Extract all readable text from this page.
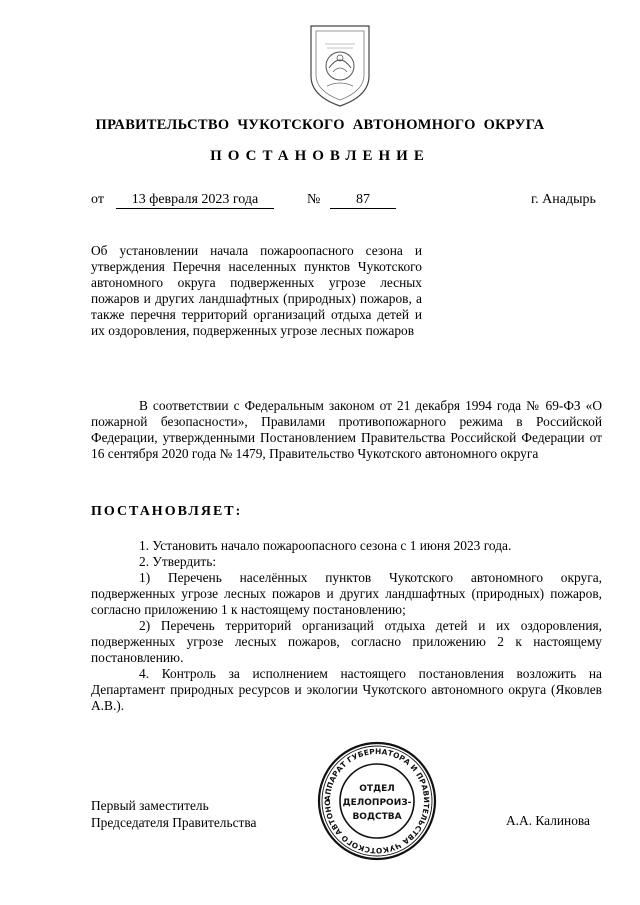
ПРАВИТЕЛЬСТВО ЧУКОТСКОГО АВТОНОМНОГО ОКРУГА
ПОСТАНОВЛЕНИЕ
от	13 февраля 2023 года	№	87	г. Анадырь
Об установлении начала пожароопасного сезона и утверждения Перечня населенных пунктов Чукотского автономного округа подверженных угрозе лесных пожаров и других ландшафтных (природных) пожаров, а также перечня территорий организаций отдыха детей и их оздоровления, подверженных угрозе лесных пожаров

В соответствии с Федеральным законом от 21 декабря 1994 года № 69-ФЗ «О пожарной безопасности», Правилами противопожарного режима в Российской Федерации, утвержденными Постановлением Правительства Российской Федерации от 16 сентября 2020 года № 1479, Правительство Чукотского автономного округа

ПОСТАНОВЛЯЕТ:

1. Установить начало пожароопасного сезона с 1 июня 2023 года.

2. Утвердить:

1) Перечень населённых пунктов Чукотского автономного округа, подверженных угрозе лесных пожаров и других ландшафтных (природных) пожаров, согласно приложению 1 к настоящему постановлению;

2) Перечень территорий организаций отдыха детей и их оздоровления, подверженных угрозе лесных пожаров, согласно приложению 2 к настоящему постановлению.

4. Контроль за исполнением настоящего постановления возложить на Департамент природных ресурсов и экологии Чукотского автономного округа (Яковлев А.В.).

Первый заместитель
Председателя Правительства	А.А. Калинова
АППАРАТ ГУБЕРНАТОРА И ПРАВИТЕЛЬСТВА ЧУКОТСКОГО АВТОНО
ОТДЕЛ
ДЕЛОПРОИЗ-
ВОДСТВА
